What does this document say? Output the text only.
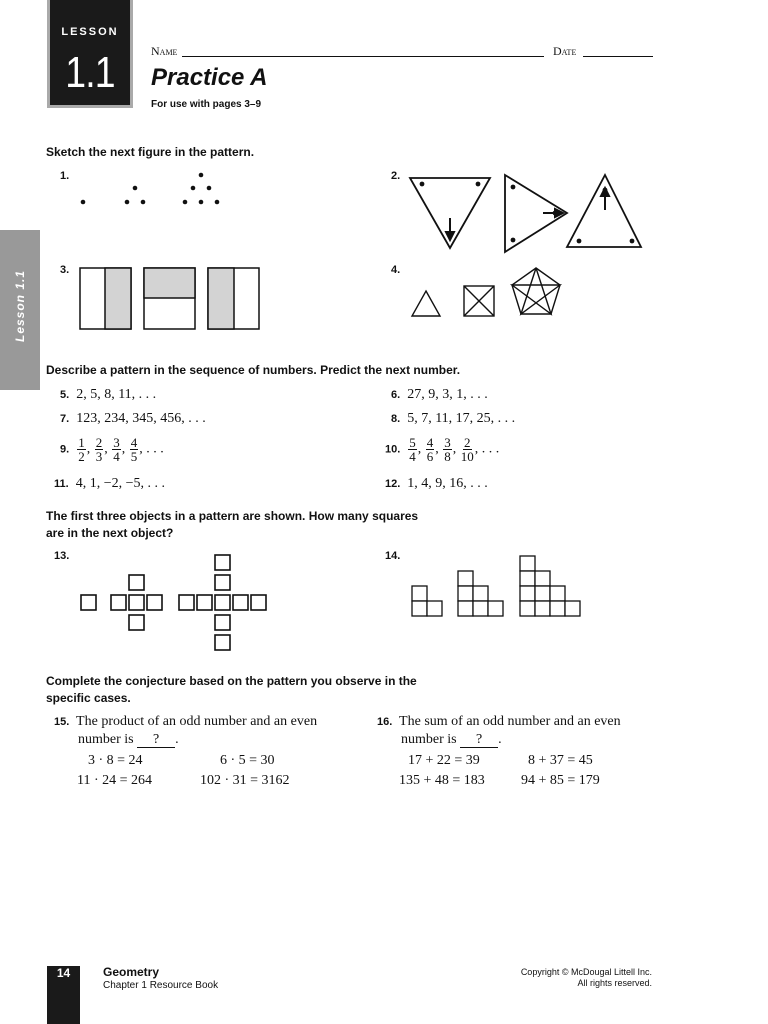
LESSON
1.1	Name	Date
Practice A
For use with pages 3–9
Lesson 1.1
Sketch the next figure in the pattern.
1.	2.
3.	4.
Describe a pattern in the sequence of numbers. Predict the next number.
5. 2, 5, 8, 11, . . .	6. 27, 9, 3, 1, . . .
7. 123, 234, 345, 456, . . .	8. 5, 7, 11, 17, 25, . . .
9. $\frac{1}{2}$ , $\frac{2}{3}$ , $\frac{3}{4}$ , $\frac{4}{5}$ , . . .	10. $\frac{5}{4}$ , $\frac{4}{6}$ , $\frac{3}{8}$ , $\frac{2}{10}$ , . . .
11. 4, 1, −2, −5, . . .	12. 1, 4, 9, 16, . . .
The first three objects in a pattern are shown. How many squares
are in the next object?
13.	14.
Complete the conjecture based on the pattern you observe in the
specific cases.
15. The product of an odd number and an even
number is ? .
3 · 8 = 24	6 · 5 = 30
11 · 24 = 264	102 · 31 = 3162
16. The sum of an odd number and an even
number is ? .
17 + 22 = 39	8 + 37 = 45
135 + 48 = 183	94 + 85 = 179
14	Geometry
Chapter 1 Resource Book
Copyright © McDougal Littell Inc.
All rights reserved.
